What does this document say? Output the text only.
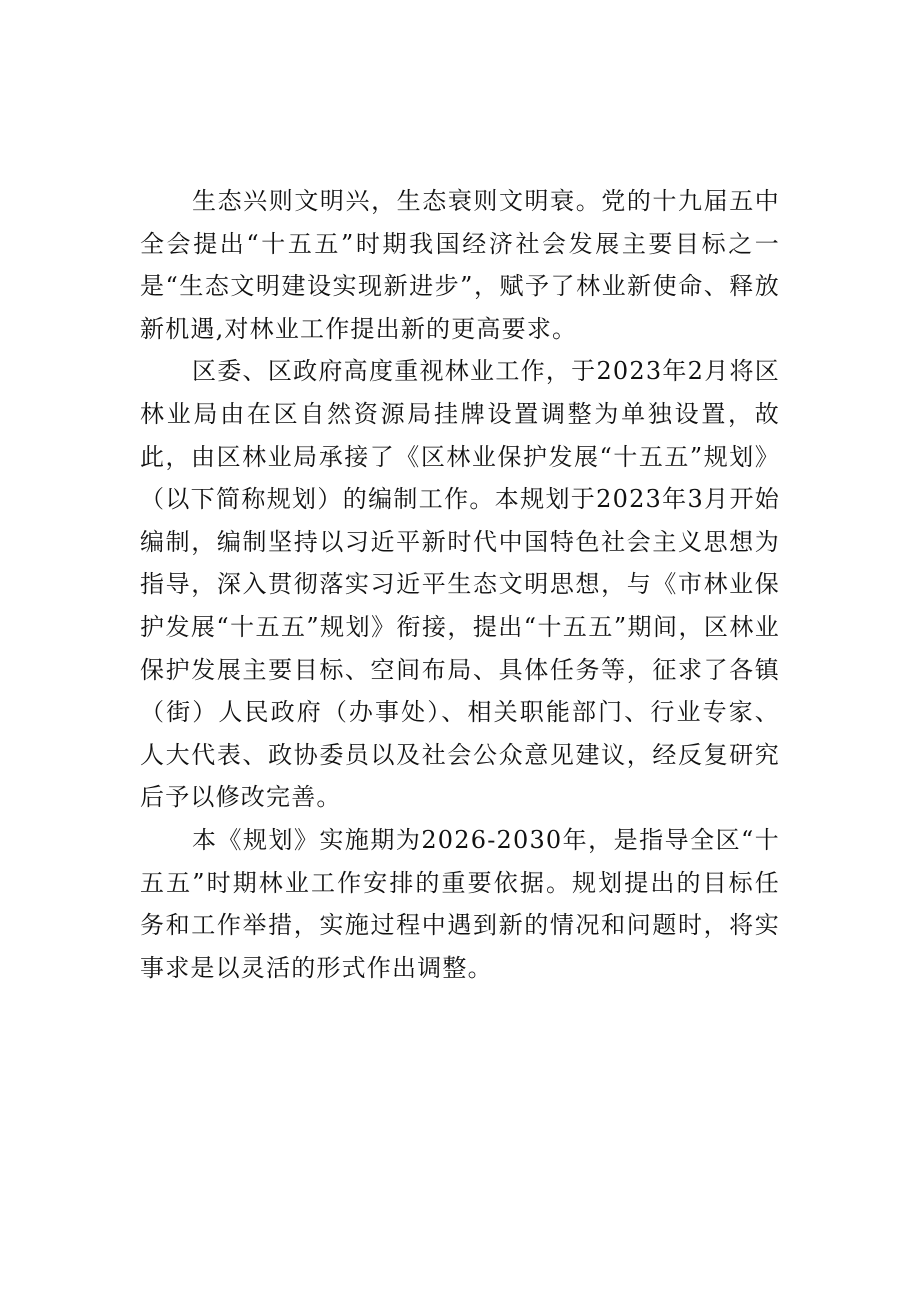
生态兴则文明兴，生态衰则文明衰。党的十九届五中全会提出“十五五”时期我国经济社会发展主要目标之一是“生态文明建设实现新进步”，赋予了林业新使命、释放新机遇,对林业工作提出新的更高要求。

区委、区政府高度重视林业工作，于2023年2月将区林业局由在区自然资源局挂牌设置调整为单独设置，故此，由区林业局承接了《区林业保护发展“十五五”规划》（以下简称规划）的编制工作。本规划于2023年3月开始编制，编制坚持以习近平新时代中国特色社会主义思想为指导，深入贯彻落实习近平生态文明思想，与《市林业保护发展“十五五”规划》衔接，提出“十五五”期间，区林业保护发展主要目标、空间布局、具体任务等，征求了各镇（街）人民政府（办事处）、相关职能部门、行业专家、人大代表、政协委员以及社会公众意见建议，经反复研究后予以修改完善。

本《规划》实施期为2026-2030年，是指导全区“十五五”时期林业工作安排的重要依据。规划提出的目标任务和工作举措，实施过程中遇到新的情况和问题时，将实事求是以灵活的形式作出调整。
